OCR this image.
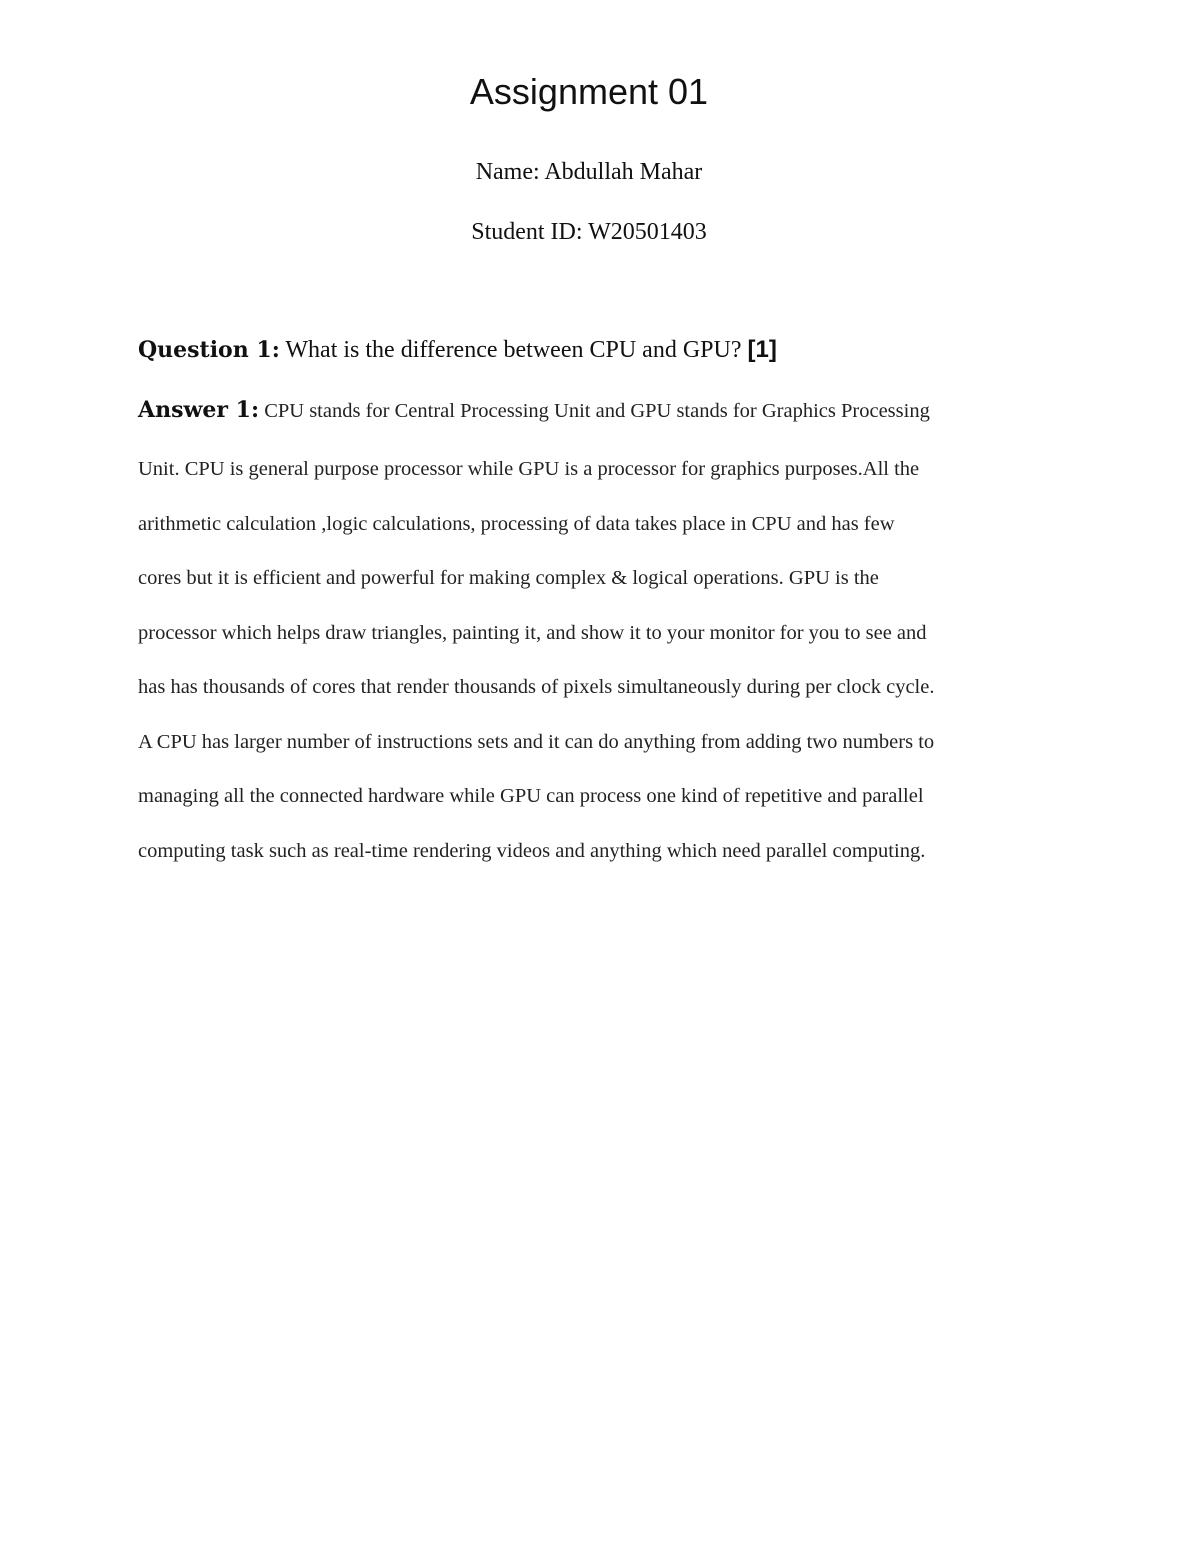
Assignment 01
Name: Abdullah Mahar
Student ID: W20501403
Question 1: What is the difference between CPU and GPU? [1]
Answer 1: CPU stands for Central Processing Unit and GPU stands for Graphics Processing
Unit. CPU is general purpose processor while GPU is a processor for graphics purposes.All the
arithmetic calculation ,logic calculations, processing of data takes place in CPU and has few
cores but it is efficient and powerful for making complex & logical operations. GPU is the
processor which helps draw triangles, painting it, and show it to your monitor for you to see and
has has thousands of cores that render thousands of pixels simultaneously during per clock cycle.
A CPU has larger number of instructions sets and it can do anything from adding two numbers to
managing all the connected hardware while GPU can process one kind of repetitive and parallel
computing task such as real-time rendering videos and anything which need parallel computing.
